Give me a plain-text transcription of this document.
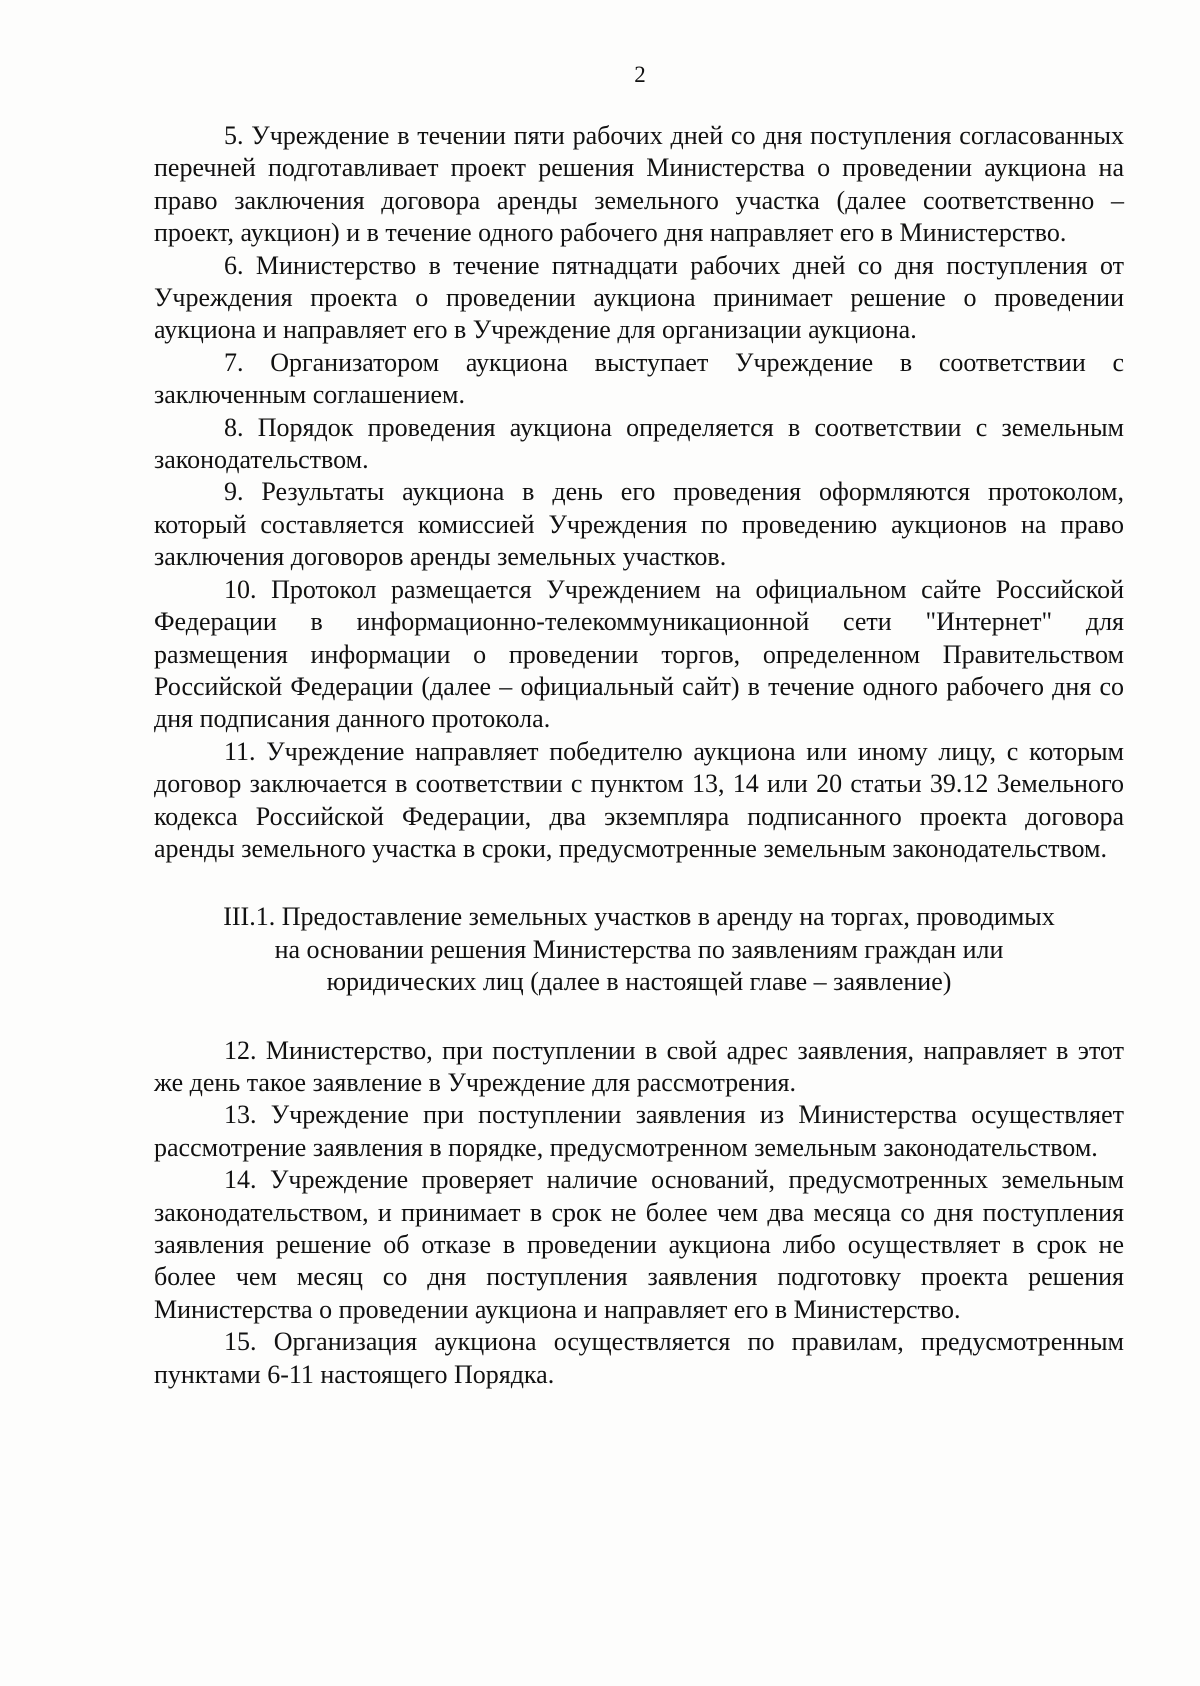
2

5. Учреждение в течении пяти рабочих дней со дня поступления согласованных перечней подготавливает проект решения Министерства о проведении аукциона на право заключения договора аренды земельного участка (далее соответственно – проект, аукцион) и в течение одного рабочего дня направляет его в Министерство.

6. Министерство в течение пятнадцати рабочих дней со дня поступления от Учреждения проекта о проведении аукциона принимает решение о проведении аукциона и направляет его в Учреждение для организации аукциона.

7. Организатором аукциона выступает Учреждение в соответствии с заключенным соглашением.

8. Порядок проведения аукциона определяется в соответствии с земельным законодательством.

9. Результаты аукциона в день его проведения оформляются протоколом, который составляется комиссией Учреждения по проведению аукционов на право заключения договоров аренды земельных участков.

10. Протокол размещается Учреждением на официальном сайте Российской Федерации в информационно-телекоммуникационной сети "Интернет" для размещения информации о проведении торгов, определенном Правительством Российской Федерации (далее – официальный сайт) в течение одного рабочего дня со дня подписания данного протокола.

11. Учреждение направляет победителю аукциона или иному лицу, с которым договор заключается в соответствии с пунктом 13, 14 или 20 статьи 39.12 Земельного кодекса Российской Федерации, два экземпляра подписанного проекта договора аренды земельного участка в сроки, предусмотренные земельным законодательством.

III.1. Предоставление земельных участков в аренду на торгах, проводимых
на основании решения Министерства по заявлениям граждан или
юридических лиц (далее в настоящей главе – заявление)

12. Министерство, при поступлении в свой адрес заявления, направляет в этот же день такое заявление в Учреждение для рассмотрения.

13. Учреждение при поступлении заявления из Министерства осуществляет рассмотрение заявления в порядке, предусмотренном земельным законодательством.

14. Учреждение проверяет наличие оснований, предусмотренных земельным законодательством, и принимает в срок не более чем два месяца со дня поступления заявления решение об отказе в проведении аукциона либо осуществляет в срок не более чем месяц со дня поступления заявления подготовку проекта решения Министерства о проведении аукциона и направляет его в Министерство.

15. Организация аукциона осуществляется по правилам, предусмотренным пунктами 6-11 настоящего Порядка.
